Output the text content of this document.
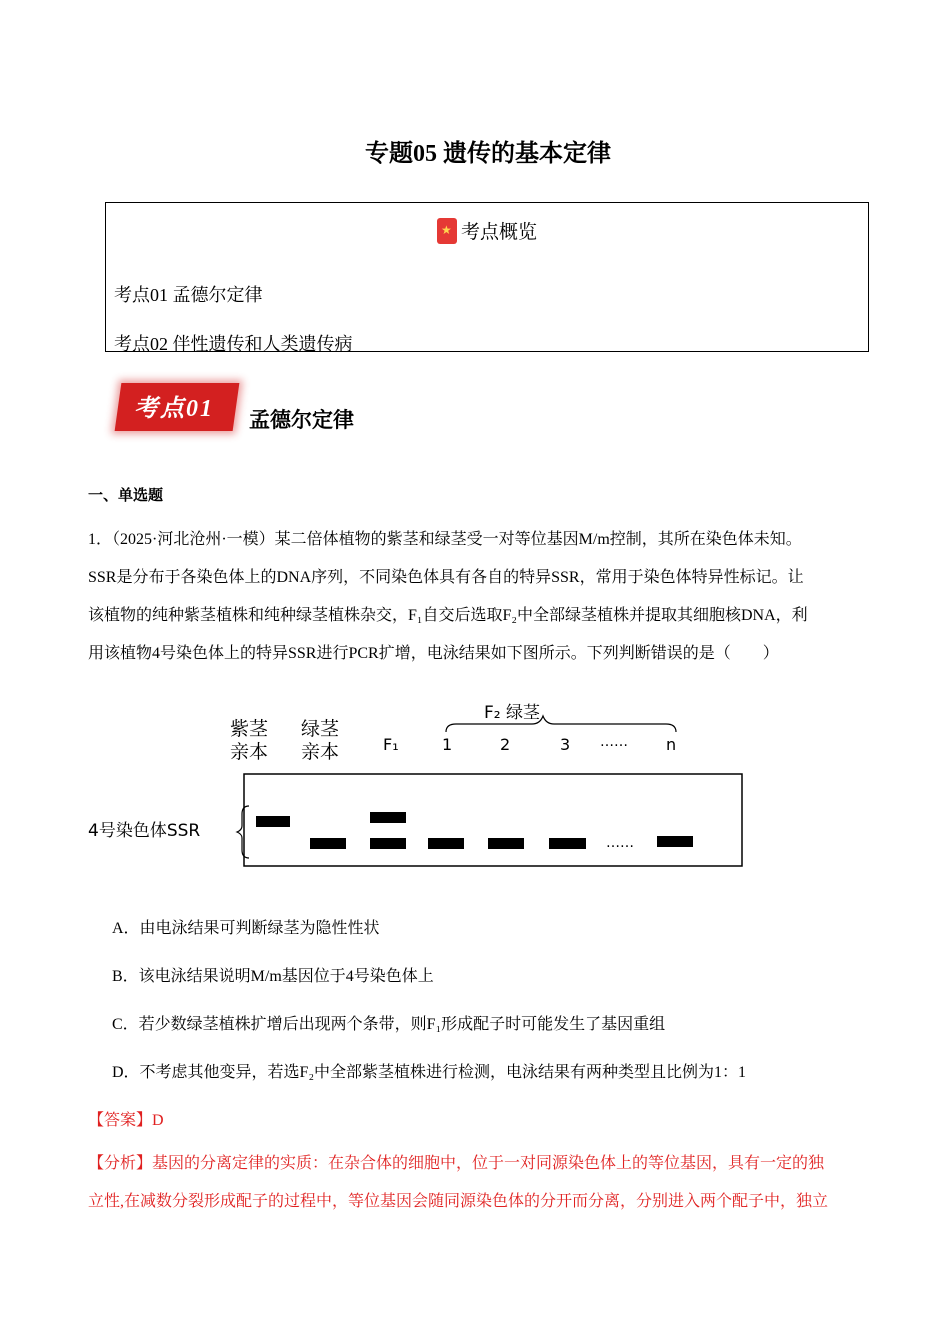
专题05 遗传的基本定律
★考点概览
考点01 孟德尔定律
考点02 伴性遗传和人类遗传病
考点01 孟德尔定律
一、单选题
1．（2025·河北沧州·一模）某二倍体植物的紫茎和绿茎受一对等位基因M/m控制，其所在染色体未知。
SSR是分布于各染色体上的DNA序列，不同染色体具有各自的特异SSR，常用于染色体特异性标记。让
该植物的纯种紫茎植株和纯种绿茎植株杂交，F₁自交后选取F₂中全部绿茎植株并提取其细胞核DNA，利
用该植物4号染色体上的特异SSR进行PCR扩增，电泳结果如下图所示。下列判断错误的是（　　）
紫茎
亲本
绿茎
亲本	F₁
F₂ 绿茎
1	2	3 …… n
4号染色体SSR
……
A．由电泳结果可判断绿茎为隐性性状
B．该电泳结果说明M/m基因位于4号染色体上
C．若少数绿茎植株扩增后出现两个条带，则F₁形成配子时可能发生了基因重组
D．不考虑其他变异，若选F₂中全部紫茎植株进行检测，电泳结果有两种类型且比例为1：1
【答案】D
【分析】基因的分离定律的实质：在杂合体的细胞中，位于一对同源染色体上的等位基因，具有一定的独
立性,在减数分裂形成配子的过程中，等位基因会随同源染色体的分开而分离，分别进入两个配子中，独立
